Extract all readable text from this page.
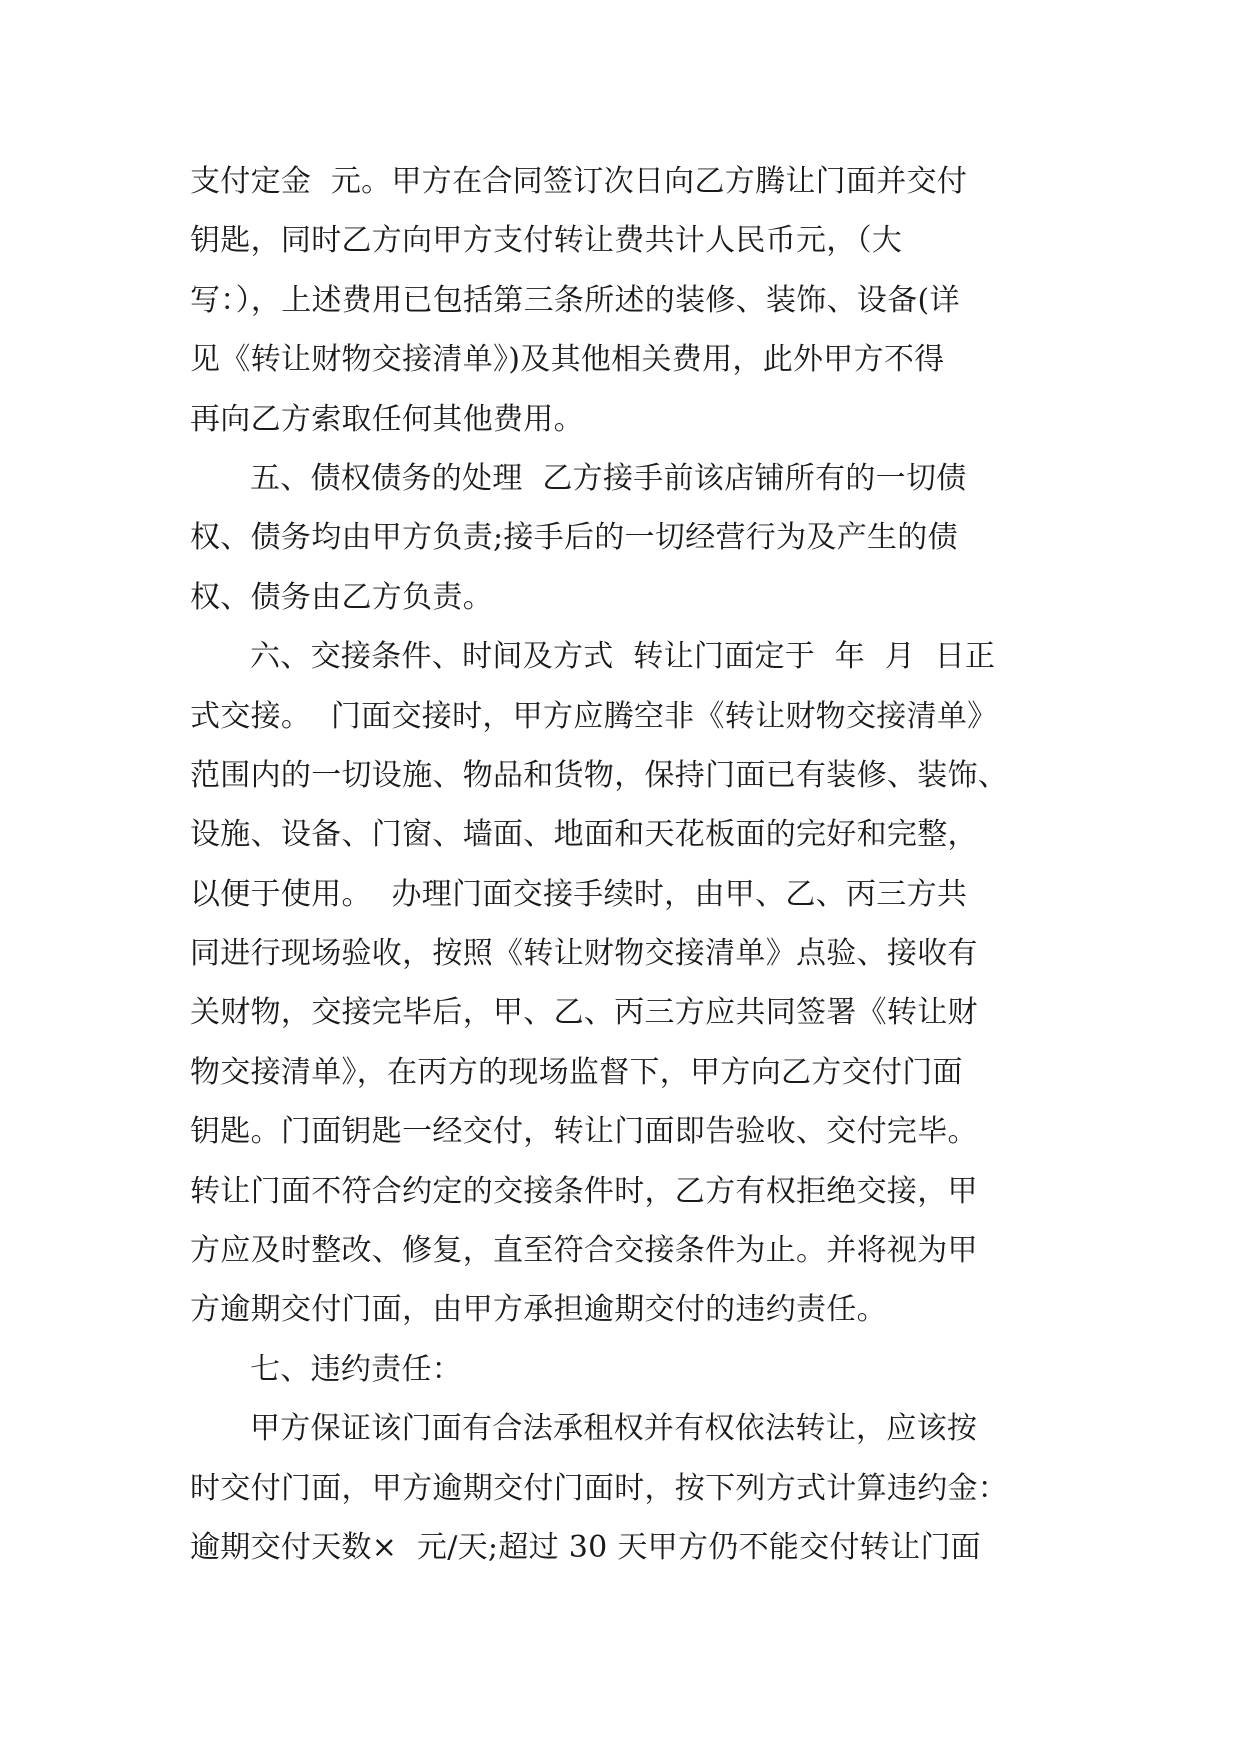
支付定金  元。甲方在合同签订次日向乙方腾让门面并交付
钥匙，同时乙方向甲方支付转让费共计人民币元，（大
写：），上述费用已包括第三条所述的装修、装饰、设备(详
见《转让财物交接清单》)及其他相关费用，此外甲方不得
再向乙方索取任何其他费用。
五、债权债务的处理  乙方接手前该店铺所有的一切债
权、债务均由甲方负责;接手后的一切经营行为及产生的债
权、债务由乙方负责。
六、交接条件、时间及方式  转让门面定于  年  月  日正
式交接。  门面交接时，甲方应腾空非《转让财物交接清单》
范围内的一切设施、物品和货物，保持门面已有装修、装饰、
设施、设备、门窗、墙面、地面和天花板面的完好和完整，
以便于使用。  办理门面交接手续时，由甲、乙、丙三方共
同进行现场验收，按照《转让财物交接清单》点验、接收有
关财物，交接完毕后，甲、乙、丙三方应共同签署《转让财
物交接清单》，在丙方的现场监督下，甲方向乙方交付门面
钥匙。门面钥匙一经交付，转让门面即告验收、交付完毕。
转让门面不符合约定的交接条件时，乙方有权拒绝交接，甲
方应及时整改、修复，直至符合交接条件为止。并将视为甲
方逾期交付门面，由甲方承担逾期交付的违约责任。
七、违约责任：
甲方保证该门面有合法承租权并有权依法转让，应该按
时交付门面，甲方逾期交付门面时，按下列方式计算违约金：
逾期交付天数×  元/天;超过 30 天甲方仍不能交付转让门面
